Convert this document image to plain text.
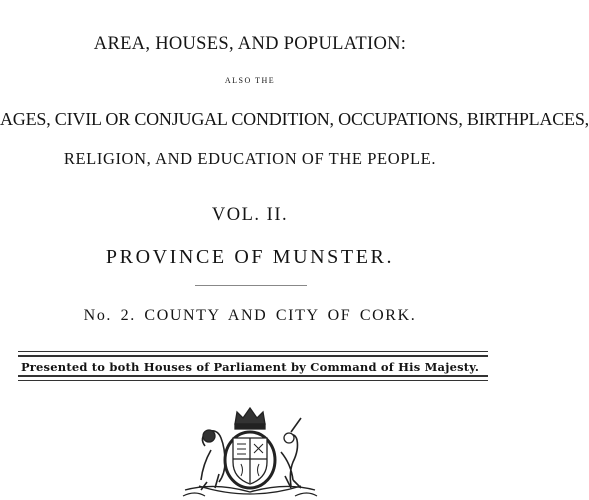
AREA, HOUSES, AND POPULATION:
ALSO THE
AGES, CIVIL OR CONJUGAL CONDITION, OCCUPATIONS, BIRTHPLACES,
RELIGION, AND EDUCATION OF THE PEOPLE.
VOL. II.
PROVINCE OF MUNSTER.
No. 2. COUNTY AND CITY OF CORK.
Presented to both Houses of Parliament by Command of His Majesty.
